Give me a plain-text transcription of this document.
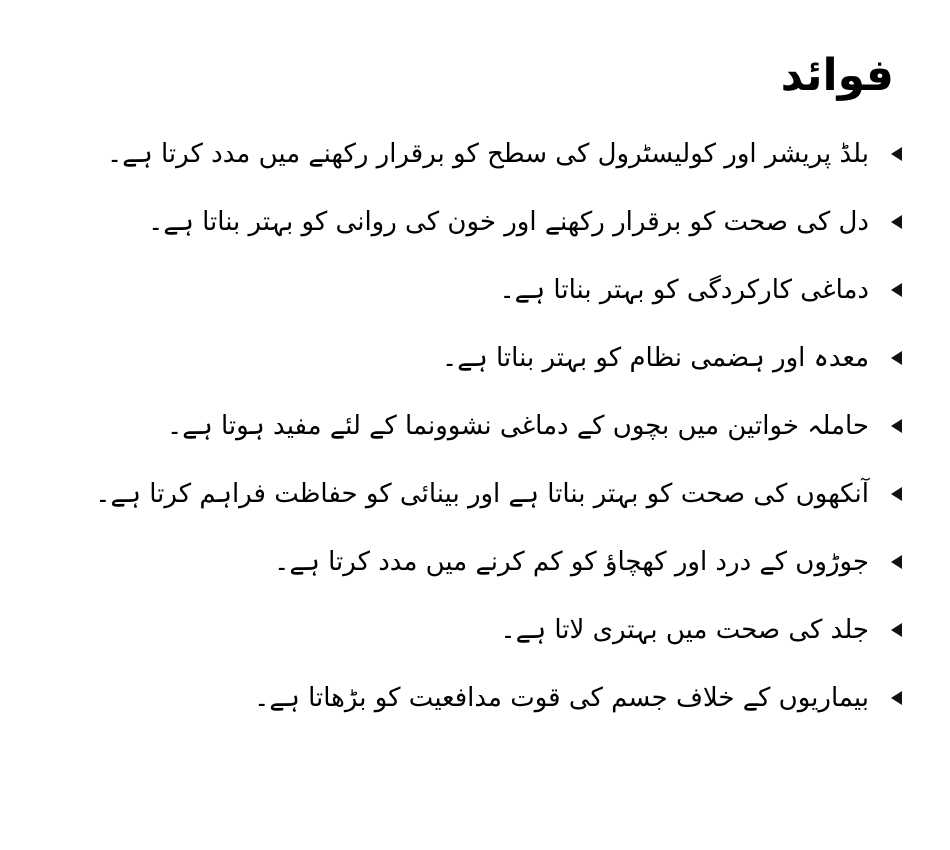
فوائد
بلڈ پریشر اور کولیسٹرول کی سطح کو برقرار رکھنے میں مدد کرتا ہے۔
دل کی صحت کو برقرار رکھنے اور خون کی روانی کو بہتر بناتا ہے۔
دماغی کارکردگی کو بہتر بناتا ہے۔
معدہ اور ہضمی نظام کو بہتر بناتا ہے۔
حاملہ خواتین میں بچوں کے دماغی نشوونما کے لئے مفید ہوتا ہے۔
آنکھوں کی صحت کو بہتر بناتا ہے اور بینائی کو حفاظت فراہم کرتا ہے۔
جوڑوں کے درد اور کھچاؤ کو کم کرنے میں مدد کرتا ہے۔
جلد کی صحت میں بہتری لاتا ہے۔
بیماریوں کے خلاف جسم کی قوت مدافعیت کو بڑھاتا ہے۔
